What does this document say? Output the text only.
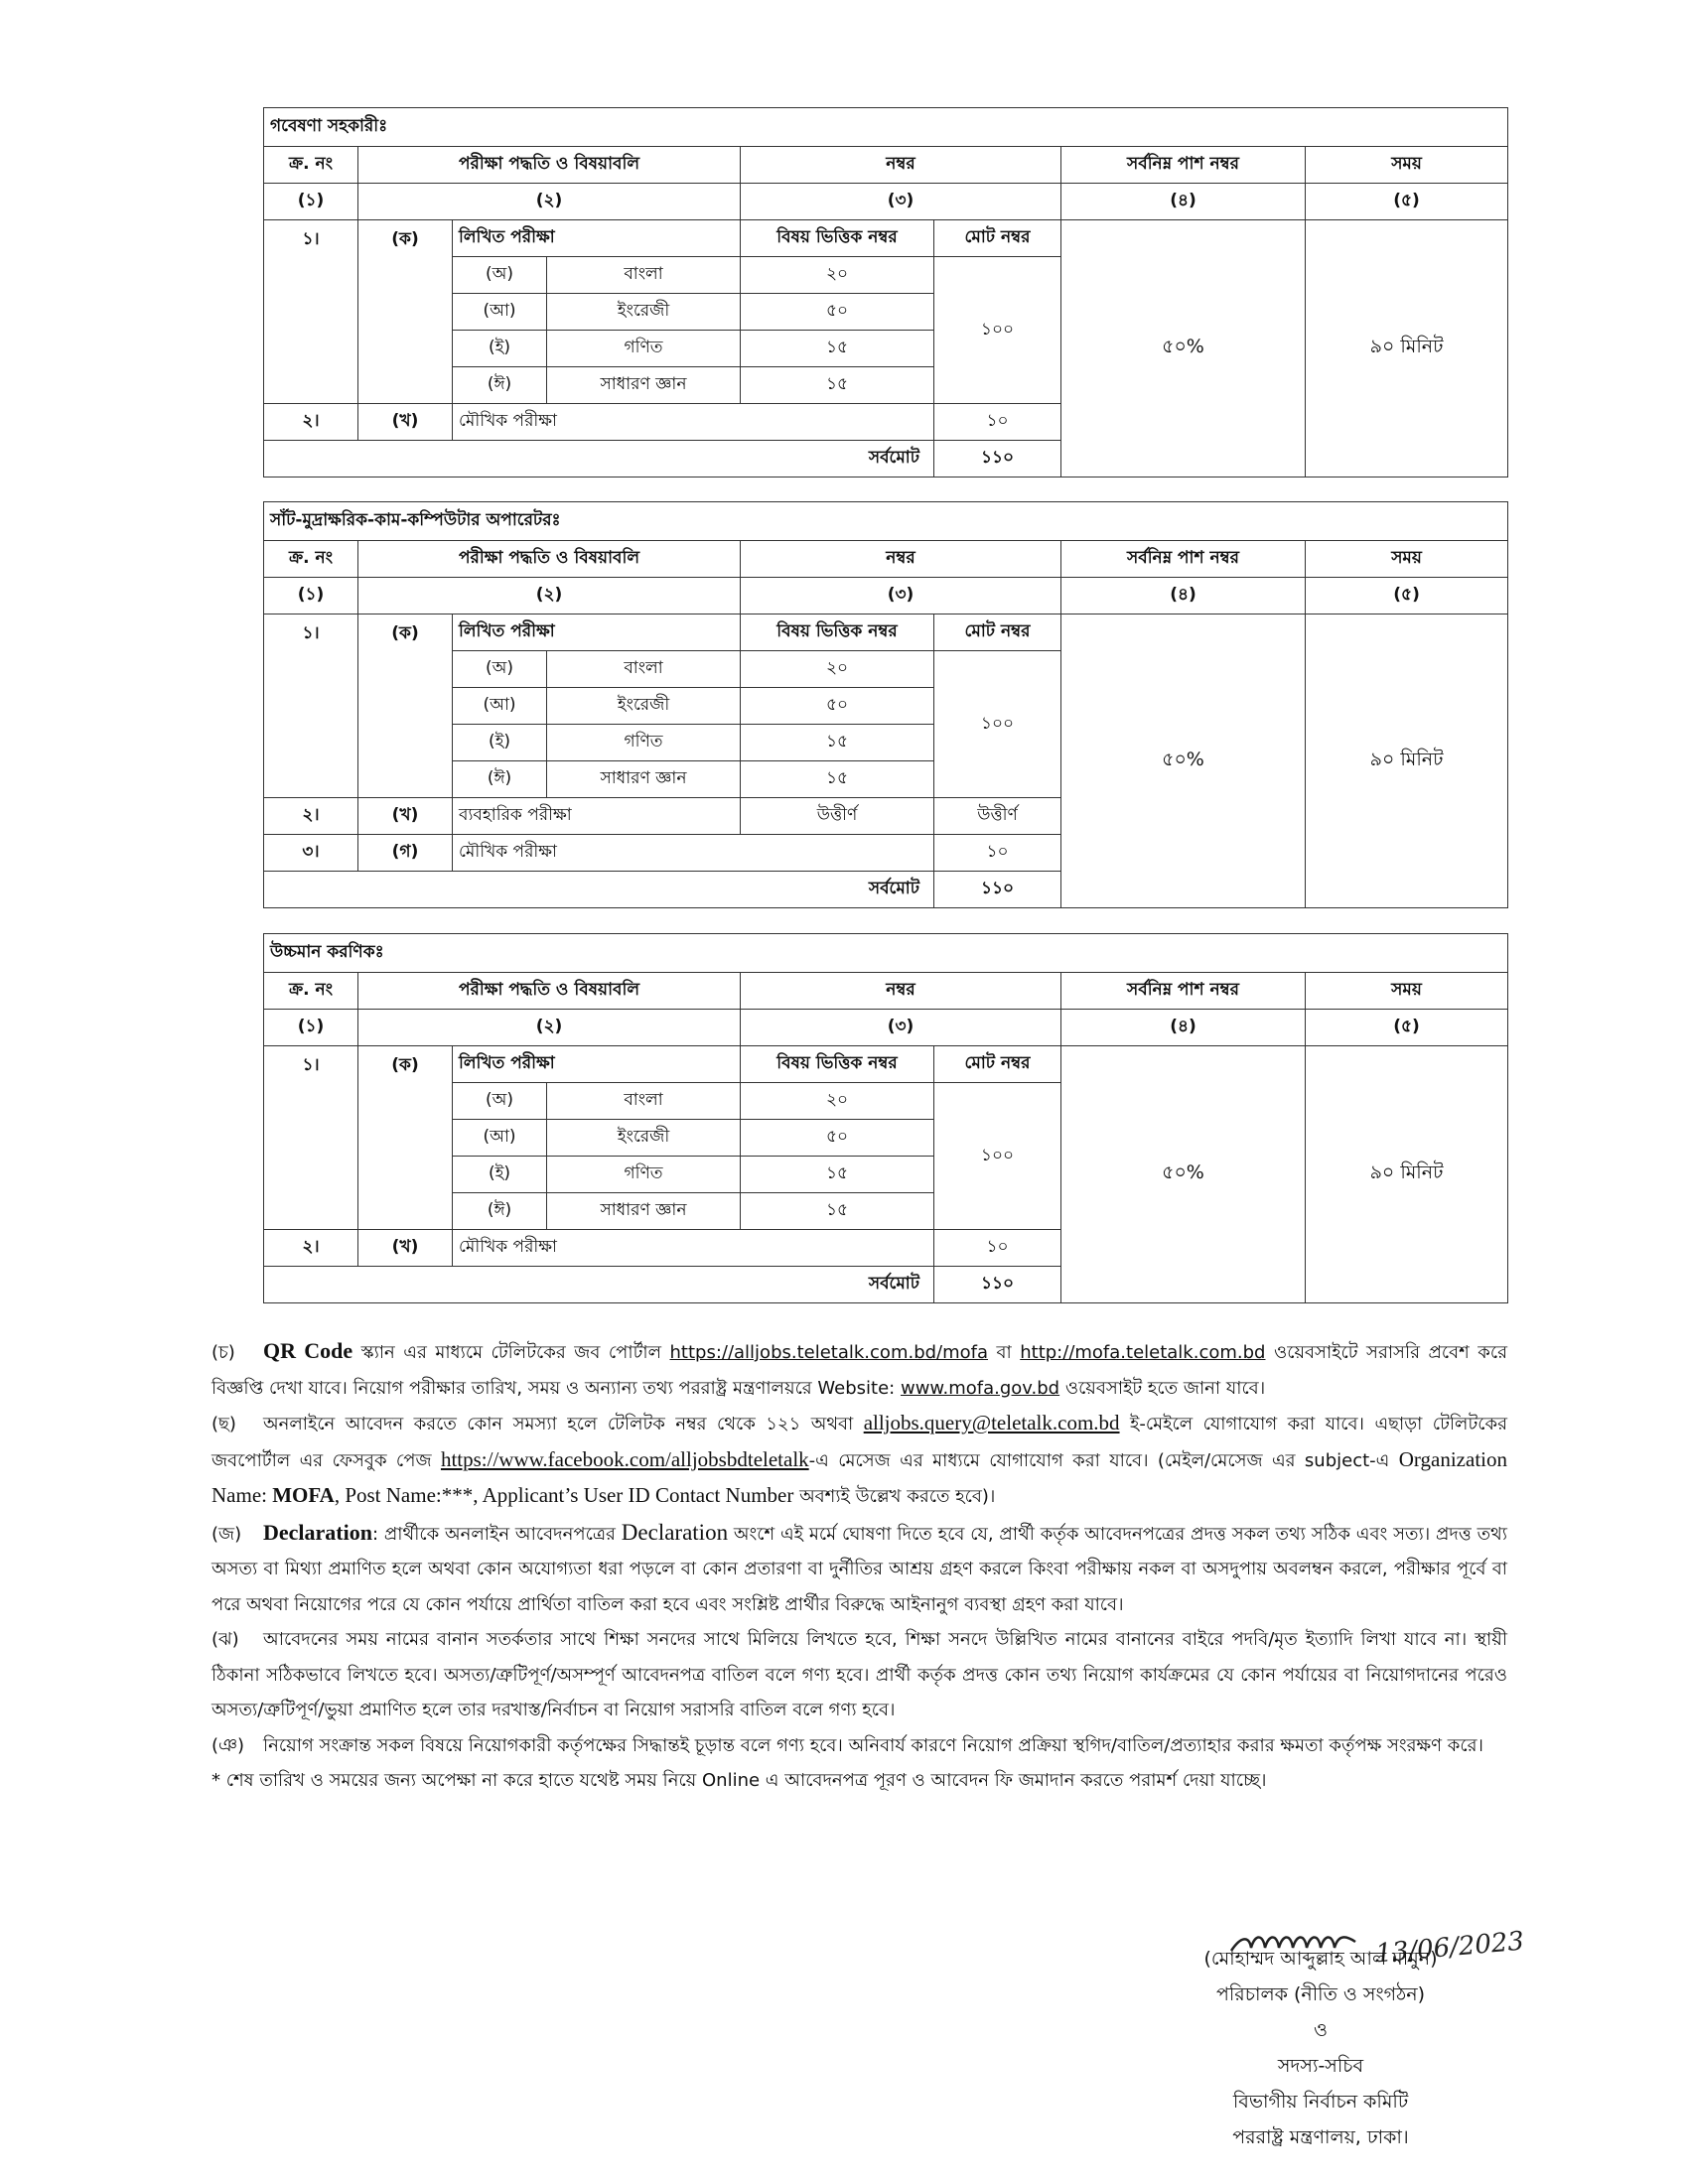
গবেষণা সহকারীঃ							
ক্র. নং	পরীক্ষা পদ্ধতি ও বিষয়াবলি			নম্বর		সর্বনিম্ন পাশ নম্বর	সময়
(১)	(২)			(৩)		(৪)	(৫)
১।	(ক)	লিখিত পরীক্ষা		বিষয় ভিত্তিক নম্বর	মোট নম্বর	৫০%	৯০ মিনিট
		(অ)	বাংলা	২০	১০০		
		(আ)	ইংরেজী	৫০			
		(ই)	গণিত	১৫			
		(ঈ)	সাধারণ জ্ঞান	১৫			
২।	(খ)	মৌখিক পরীক্ষা			১০		
সর্বমোট					১১০		
সাঁট-মুদ্রাক্ষরিক-কাম-কম্পিউটার অপারেটরঃ							
ক্র. নং	পরীক্ষা পদ্ধতি ও বিষয়াবলি			নম্বর		সর্বনিম্ন পাশ নম্বর	সময়
(১)	(২)			(৩)		(৪)	(৫)
১।	(ক)	লিখিত পরীক্ষা		বিষয় ভিত্তিক নম্বর	মোট নম্বর	৫০%	৯০ মিনিট
		(অ)	বাংলা	২০	১০০		
		(আ)	ইংরেজী	৫০			
		(ই)	গণিত	১৫			
		(ঈ)	সাধারণ জ্ঞান	১৫			
২।	(খ)	ব্যবহারিক পরীক্ষা		উত্তীর্ণ	উত্তীর্ণ		
৩।	(গ)	মৌখিক পরীক্ষা			১০		
সর্বমোট					১১০		
উচ্চমান করণিকঃ							
ক্র. নং	পরীক্ষা পদ্ধতি ও বিষয়াবলি			নম্বর		সর্বনিম্ন পাশ নম্বর	সময়
(১)	(২)			(৩)		(৪)	(৫)
১।	(ক)	লিখিত পরীক্ষা		বিষয় ভিত্তিক নম্বর	মোট নম্বর	৫০%	৯০ মিনিট
		(অ)	বাংলা	২০	১০০		
		(আ)	ইংরেজী	৫০			
		(ই)	গণিত	১৫			
		(ঈ)	সাধারণ জ্ঞান	১৫			
২।	(খ)	মৌখিক পরীক্ষা			১০		
সর্বমোট					১১০		

(চ) QR Code স্ক্যান এর মাধ্যমে টেলিটকের জব পোর্টাল https://alljobs.teletalk.com.bd/mofa বা http://mofa.teletalk.com.bd ওয়েবসাইটে সরাসরি প্রবেশ করে বিজ্ঞপ্তি দেখা যাবে। নিয়োগ পরীক্ষার তারিখ, সময় ও অন্যান্য তথ্য পররাষ্ট্র মন্ত্রণালয়রে Website: www.mofa.gov.bd ওয়েবসাইট হতে জানা যাবে।

(ছ) অনলাইনে আবেদন করতে কোন সমস্যা হলে টেলিটক নম্বর থেকে ১২১ অথবা alljobs.query@teletalk.com.bd ই-মেইলে যোগাযোগ করা যাবে। এছাড়া টেলিটকের জবপোর্টাল এর ফেসবুক পেজ https://www.facebook.com/alljobsbdteletalk-এ মেসেজ এর মাধ্যমে যোগাযোগ করা যাবে। (মেইল/মেসেজ এর subject-এ Organization Name: MOFA, Post Name:***, Applicant’s User ID Contact Number অবশ্যই উল্লেখ করতে হবে)।

(জ) Declaration: প্রার্থীকে অনলাইন আবেদনপত্রের Declaration অংশে এই মর্মে ঘোষণা দিতে হবে যে, প্রার্থী কর্তৃক আবেদনপত্রের প্রদত্ত সকল তথ্য সঠিক এবং সত্য। প্রদত্ত তথ্য অসত্য বা মিথ্যা প্রমাণিত হলে অথবা কোন অযোগ্যতা ধরা পড়লে বা কোন প্রতারণা বা দুর্নীতির আশ্রয় গ্রহণ করলে কিংবা পরীক্ষায় নকল বা অসদুপায় অবলম্বন করলে, পরীক্ষার পূর্বে বা পরে অথবা নিয়োগের পরে যে কোন পর্যায়ে প্রার্থিতা বাতিল করা হবে এবং সংশ্লিষ্ট প্রার্থীর বিরুদ্ধে আইনানুগ ব্যবস্থা গ্রহণ করা যাবে।

(ঝ) আবেদনের সময় নামের বানান সতর্কতার সাথে শিক্ষা সনদের সাথে মিলিয়ে লিখতে হবে, শিক্ষা সনদে উল্লিখিত নামের বানানের বাইরে পদবি/মৃত ইত্যাদি লিখা যাবে না। স্থায়ী ঠিকানা সঠিকভাবে লিখতে হবে। অসত্য/ত্রুটিপূর্ণ/অসম্পূর্ণ আবেদনপত্র বাতিল বলে গণ্য হবে। প্রার্থী কর্তৃক প্রদত্ত কোন তথ্য নিয়োগ কার্যক্রমের যে কোন পর্যায়ের বা নিয়োগদানের পরেও অসত্য/ত্রুটিপূর্ণ/ভুয়া প্রমাণিত হলে তার দরখাস্ত/নির্বাচন বা নিয়োগ সরাসরি বাতিল বলে গণ্য হবে।

(ঞ) নিয়োগ সংক্রান্ত সকল বিষয়ে নিয়োগকারী কর্তৃপক্ষের সিদ্ধান্তই চূড়ান্ত বলে গণ্য হবে। অনিবার্য কারণে নিয়োগ প্রক্রিয়া স্থগিদ/বাতিল/প্রত্যাহার করার ক্ষমতা কর্তৃপক্ষ সংরক্ষণ করে।

* শেষ তারিখ ও সময়ের জন্য অপেক্ষা না করে হাতে যথেষ্ট সময় নিয়ে Online এ আবেদনপত্র পূরণ ও আবেদন ফি জমাদান করতে পরামর্শ দেয়া যাচ্ছে।

13/06/2023
(মোহাম্মদ আব্দুল্লাহ আল মামুন)
পরিচালক (নীতি ও সংগঠন)
ও
সদস্য-সচিব
বিভাগীয় নির্বাচন কমিটি
পররাষ্ট্র মন্ত্রণালয়, ঢাকা।
